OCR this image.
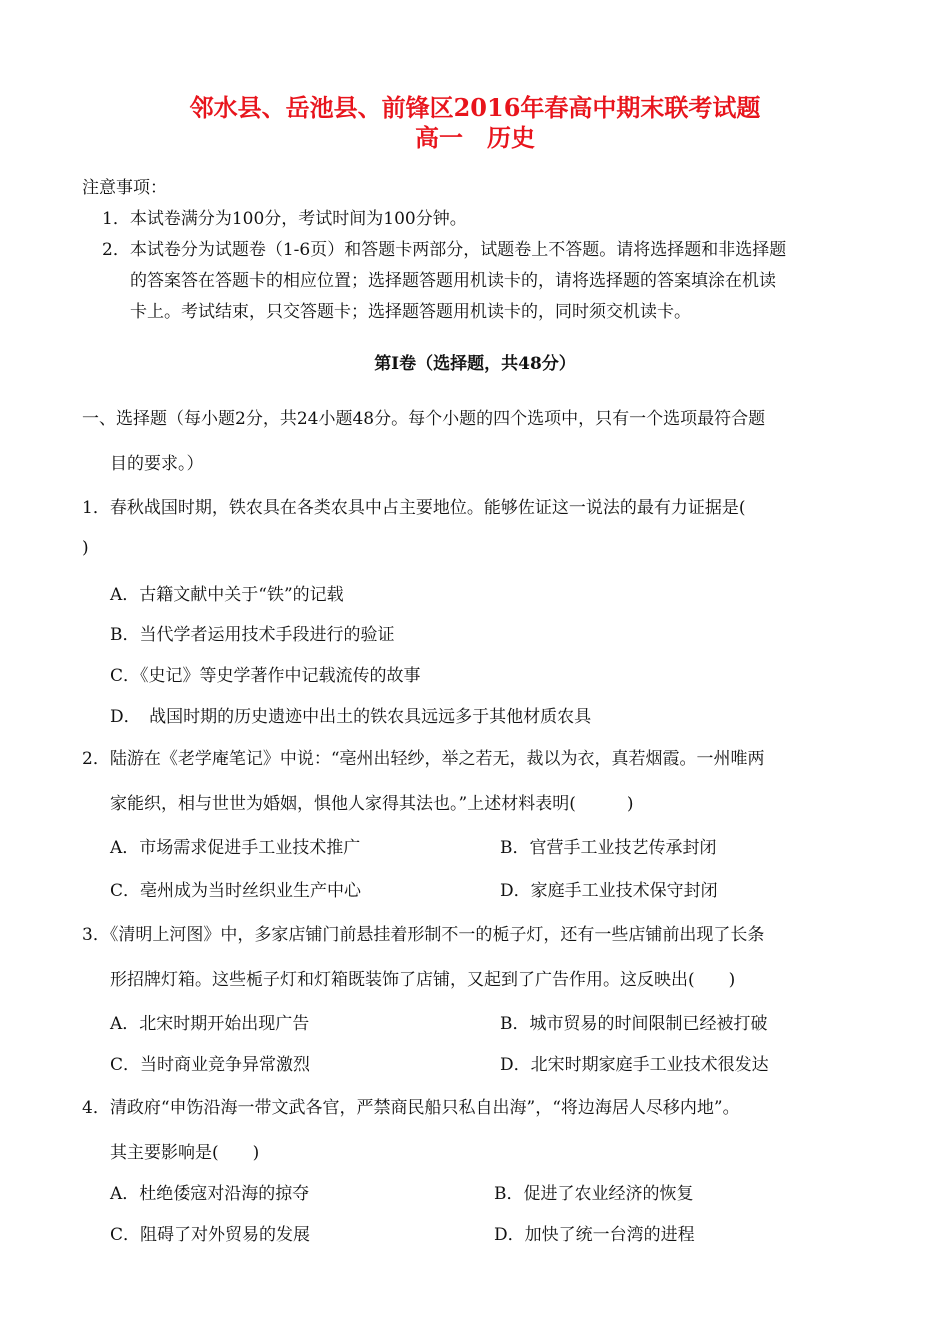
邻水县、岳池县、前锋区2016年春高中期末联考试题
高一　历史
注意事项：
1．本试卷满分为100分，考试时间为100分钟。
2．本试卷分为试题卷（1-6页）和答题卡两部分，试题卷上不答题。请将选择题和非选择题
的答案答在答题卡的相应位置；选择题答题用机读卡的，请将选择题的答案填涂在机读
卡上。考试结束，只交答题卡；选择题答题用机读卡的，同时须交机读卡。
第Ⅰ卷（选择题，共48分）
一、选择题（每小题2分，共24小题48分。每个小题的四个选项中，只有一个选项最符合题
目的要求。）
1．春秋战国时期，铁农具在各类农具中占主要地位。能够佐证这一说法的最有力证据是(
)
A．古籍文献中关于“铁”的记载
B．当代学者运用技术手段进行的验证
C．《史记》等史学著作中记载流传的故事
D．　战国时期的历史遗迹中出土的铁农具远远多于其他材质农具
2．陆游在《老学庵笔记》中说：“亳州出轻纱，举之若无，裁以为衣，真若烟霞。一州唯两
家能织，相与世世为婚姻，惧他人家得其法也。”上述材料表明(　　　)
A．市场需求促进手工业技术推广	B．官营手工业技艺传承封闭
C．亳州成为当时丝织业生产中心	D．家庭手工业技术保守封闭
3．《清明上河图》中，多家店铺门前悬挂着形制不一的栀子灯，还有一些店铺前出现了长条
形招牌灯箱。这些栀子灯和灯箱既装饰了店铺，又起到了广告作用。这反映出(　　)
A．北宋时期开始出现广告	B．城市贸易的时间限制已经被打破
C．当时商业竞争异常激烈	D．北宋时期家庭手工业技术很发达
4．清政府“申饬沿海一带文武各官，严禁商民船只私自出海”，“将边海居人尽移内地”。
其主要影响是(　　)
A．杜绝倭寇对沿海的掠夺	B．促进了农业经济的恢复
C．阻碍了对外贸易的发展	D．加快了统一台湾的进程
